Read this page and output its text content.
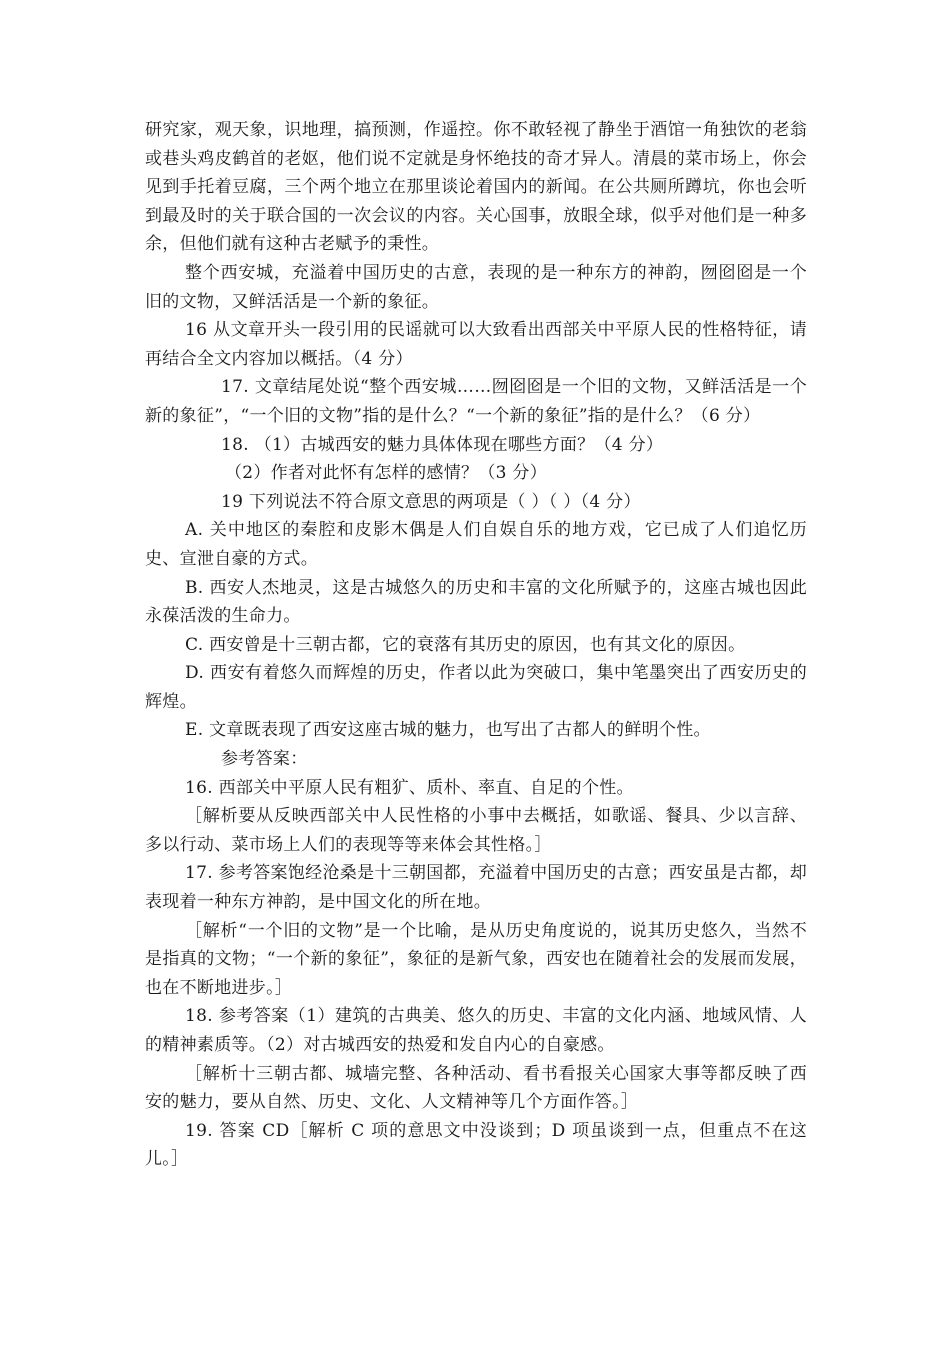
研究家，观天象，识地理，搞预测，作遥控。你不敢轻视了静坐于酒馆一角独饮的老翁或巷头鸡皮鹤首的老妪，他们说不定就是身怀绝技的奇才异人。清晨的菜市场上，你会见到手托着豆腐，三个两个地立在那里谈论着国内的新闻。在公共厕所蹲坑，你也会听到最及时的关于联合国的一次会议的内容。关心国事，放眼全球，似乎对他们是一种多余，但他们就有这种古老赋予的秉性。

整个西安城，充溢着中国历史的古意，表现的是一种东方的神韵，囫囵囵是一个旧的文物，又鲜活活是一个新的象征。

16 从文章开头一段引用的民谣就可以大致看出西部关中平原人民的性格特征，请再结合全文内容加以概括。（4 分）

17. 文章结尾处说“整个西安城……囫囵囵是一个旧的文物，又鲜活活是一个新的象征”，“一个旧的文物”指的是什么？“一个新的象征”指的是什么？（6 分）

18. （1）古城西安的魅力具体体现在哪些方面？（4 分）

（2）作者对此怀有怎样的感情？（3 分）

19 下列说法不符合原文意思的两项是（ ）（ ）（4 分）

A. 关中地区的秦腔和皮影木偶是人们自娱自乐的地方戏，它已成了人们追忆历史、宣泄自豪的方式。

B. 西安人杰地灵，这是古城悠久的历史和丰富的文化所赋予的，这座古城也因此永葆活泼的生命力。

C. 西安曾是十三朝古都，它的衰落有其历史的原因，也有其文化的原因。

D. 西安有着悠久而辉煌的历史，作者以此为突破口，集中笔墨突出了西安历史的辉煌。

E. 文章既表现了西安这座古城的魅力，也写出了古都人的鲜明个性。

参考答案：

16. 西部关中平原人民有粗犷、质朴、率直、自足的个性。

［解析要从反映西部关中人民性格的小事中去概括，如歌谣、餐具、少以言辞、多以行动、菜市场上人们的表现等等来体会其性格。］

17. 参考答案饱经沧桑是十三朝国都，充溢着中国历史的古意；西安虽是古都，却表现着一种东方神韵，是中国文化的所在地。

［解析“一个旧的文物”是一个比喻，是从历史角度说的，说其历史悠久，当然不是指真的文物；“一个新的象征”，象征的是新气象，西安也在随着社会的发展而发展，也在不断地进步。］

18. 参考答案（1）建筑的古典美、悠久的历史、丰富的文化内涵、地域风情、人的精神素质等。（2）对古城西安的热爱和发自内心的自豪感。

［解析十三朝古都、城墙完整、各种活动、看书看报关心国家大事等都反映了西安的魅力，要从自然、历史、文化、人文精神等几个方面作答。］

19. 答案 CD［解析 C 项的意思文中没谈到；D 项虽谈到一点，但重点不在这儿。］
